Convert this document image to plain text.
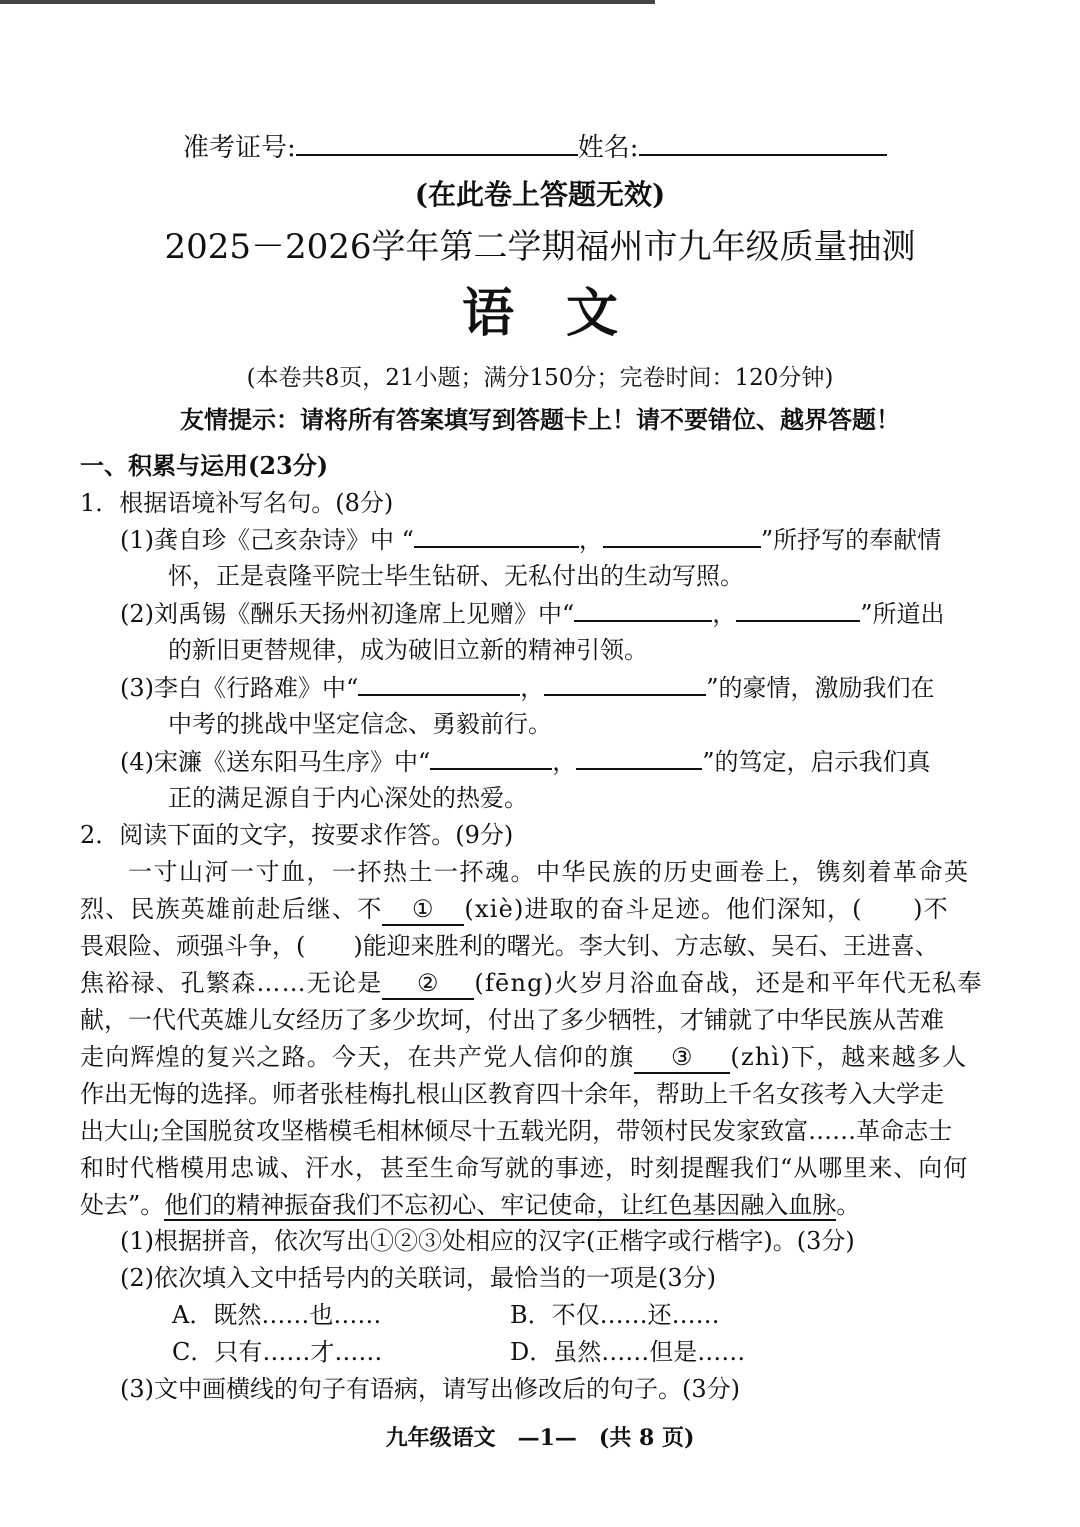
准考证号:	姓名:
(在此卷上答题无效)
2025－2026学年第二学期福州市九年级质量抽测
语　文
(本卷共8页，21小题；满分150分；完卷时间：120分钟)
友情提示：请将所有答案填写到答题卡上！请不要错位、越界答题！
一、积累与运用(23分)
1．根据语境补写名句。(8分)
(1)龚自珍《己亥杂诗》中 “	，	”所抒写的奉献情
怀，正是袁隆平院士毕生钻研、无私付出的生动写照。
(2)刘禹锡《酬乐天扬州初逢席上见赠》中“	，	”所道出
的新旧更替规律，成为破旧立新的精神引领。
(3)李白《行路难》中“	，	”的豪情，激励我们在
中考的挑战中坚定信念、勇毅前行。
(4)宋濂《送东阳马生序》中“	，	”的笃定，启示我们真
正的满足源自于内心深处的热爱。
2．阅读下面的文字，按要求作答。(9分)
一寸山河一寸血，一抔热土一抔魂。中华民族的历史画卷上，镌刻着革命英
烈、民族英雄前赴后继、不 ① (xiè)进取的奋斗足迹。他们深知，(　　)不
畏艰险、顽强斗争，(　　)能迎来胜利的曙光。李大钊、方志敏、吴石、王进喜、
焦裕禄、孔繁森……无论是 ② (fēng)火岁月浴血奋战，还是和平年代无私奉
献，一代代英雄儿女经历了多少坎坷，付出了多少牺牲，才铺就了中华民族从苦难
走向辉煌的复兴之路。今天，在共产党人信仰的旗 ③ (zhì)下，越来越多人
作出无悔的选择。师者张桂梅扎根山区教育四十余年，帮助上千名女孩考入大学走
出大山;全国脱贫攻坚楷模毛相林倾尽十五载光阴，带领村民发家致富……革命志士
和时代楷模用忠诚、汗水，甚至生命写就的事迹，时刻提醒我们“从哪里来、向何
处去”。他们的精神振奋我们不忘初心、牢记使命，让红色基因融入血脉。
(1)根据拼音，依次写出①②③处相应的汉字(正楷字或行楷字)。(3分)
(2)依次填入文中括号内的关联词，最恰当的一项是(3分)
A．既然……也……	B．不仅……还……
C．只有……才……	D．虽然……但是……
(3)文中画横线的句子有语病，请写出修改后的句子。(3分)
九年级语文　—1—　(共 8 页)
